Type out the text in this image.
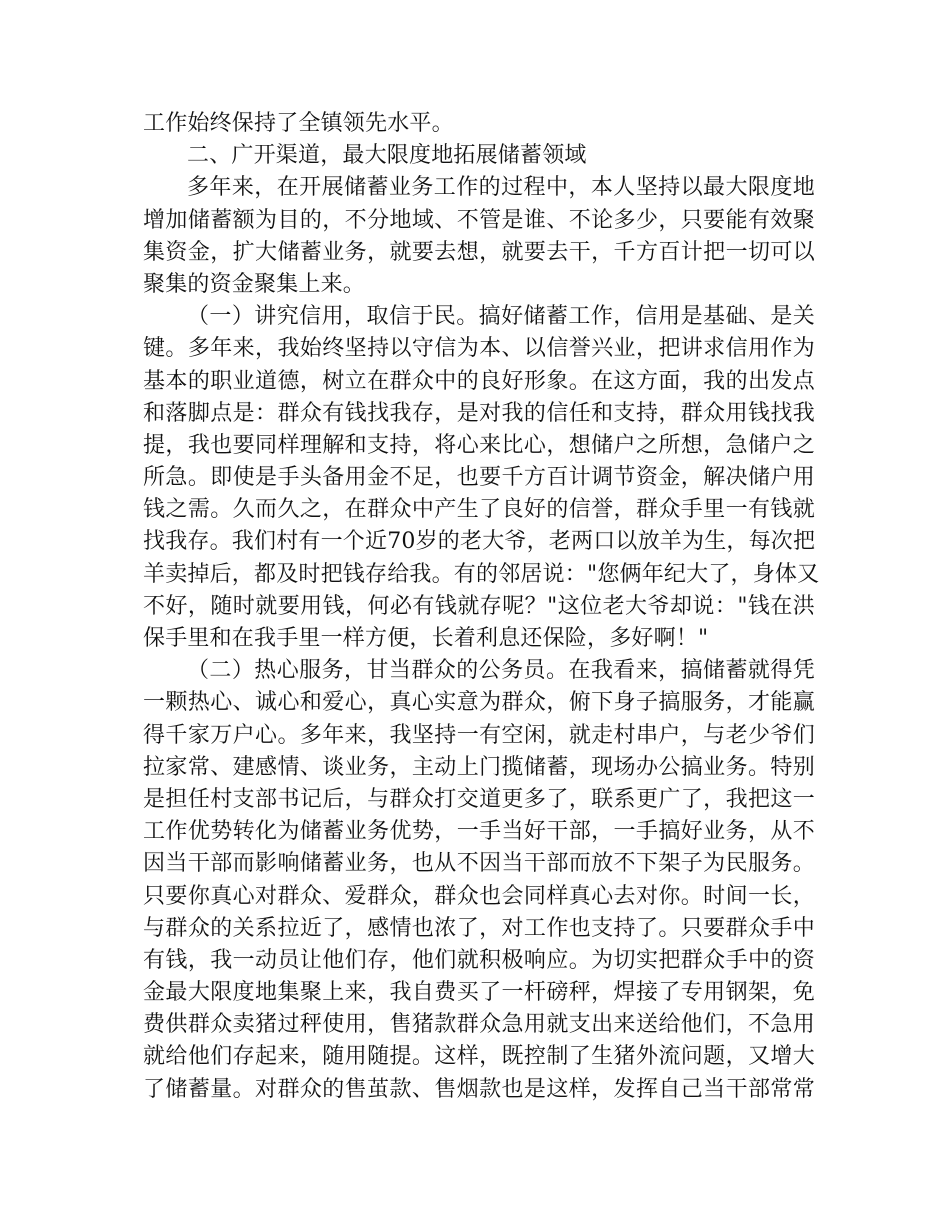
工作始终保持了全镇领先水平。
二、广开渠道，最大限度地拓展储蓄领域
多年来，在开展储蓄业务工作的过程中，本人坚持以最大限度地
增加储蓄额为目的，不分地域、不管是谁、不论多少，只要能有效聚
集资金，扩大储蓄业务，就要去想，就要去干，千方百计把一切可以
聚集的资金聚集上来。
（一）讲究信用，取信于民。搞好储蓄工作，信用是基础、是关
键。多年来，我始终坚持以守信为本、以信誉兴业，把讲求信用作为
基本的职业道德，树立在群众中的良好形象。在这方面，我的出发点
和落脚点是：群众有钱找我存，是对我的信任和支持，群众用钱找我
提，我也要同样理解和支持，将心来比心，想储户之所想，急储户之
所急。即使是手头备用金不足，也要千方百计调节资金，解决储户用
钱之需。久而久之，在群众中产生了良好的信誉，群众手里一有钱就
找我存。我们村有一个近70岁的老大爷，老两口以放羊为生，每次把
羊卖掉后，都及时把钱存给我。有的邻居说："您俩年纪大了，身体又
不好，随时就要用钱，何必有钱就存呢？"这位老大爷却说："钱在洪
保手里和在我手里一样方便，长着利息还保险，多好啊！"
（二）热心服务，甘当群众的公务员。在我看来，搞储蓄就得凭
一颗热心、诚心和爱心，真心实意为群众，俯下身子搞服务，才能赢
得千家万户心。多年来，我坚持一有空闲，就走村串户，与老少爷们
拉家常、建感情、谈业务，主动上门揽储蓄，现场办公搞业务。特别
是担任村支部书记后，与群众打交道更多了，联系更广了，我把这一
工作优势转化为储蓄业务优势，一手当好干部，一手搞好业务，从不
因当干部而影响储蓄业务，也从不因当干部而放不下架子为民服务。
只要你真心对群众、爱群众，群众也会同样真心去对你。时间一长，
与群众的关系拉近了，感情也浓了，对工作也支持了。只要群众手中
有钱，我一动员让他们存，他们就积极响应。为切实把群众手中的资
金最大限度地集聚上来，我自费买了一杆磅秤，焊接了专用钢架，免
费供群众卖猪过秤使用，售猪款群众急用就支出来送给他们，不急用
就给他们存起来，随用随提。这样，既控制了生猪外流问题，又增大
了储蓄量。对群众的售茧款、售烟款也是这样，发挥自己当干部常常
